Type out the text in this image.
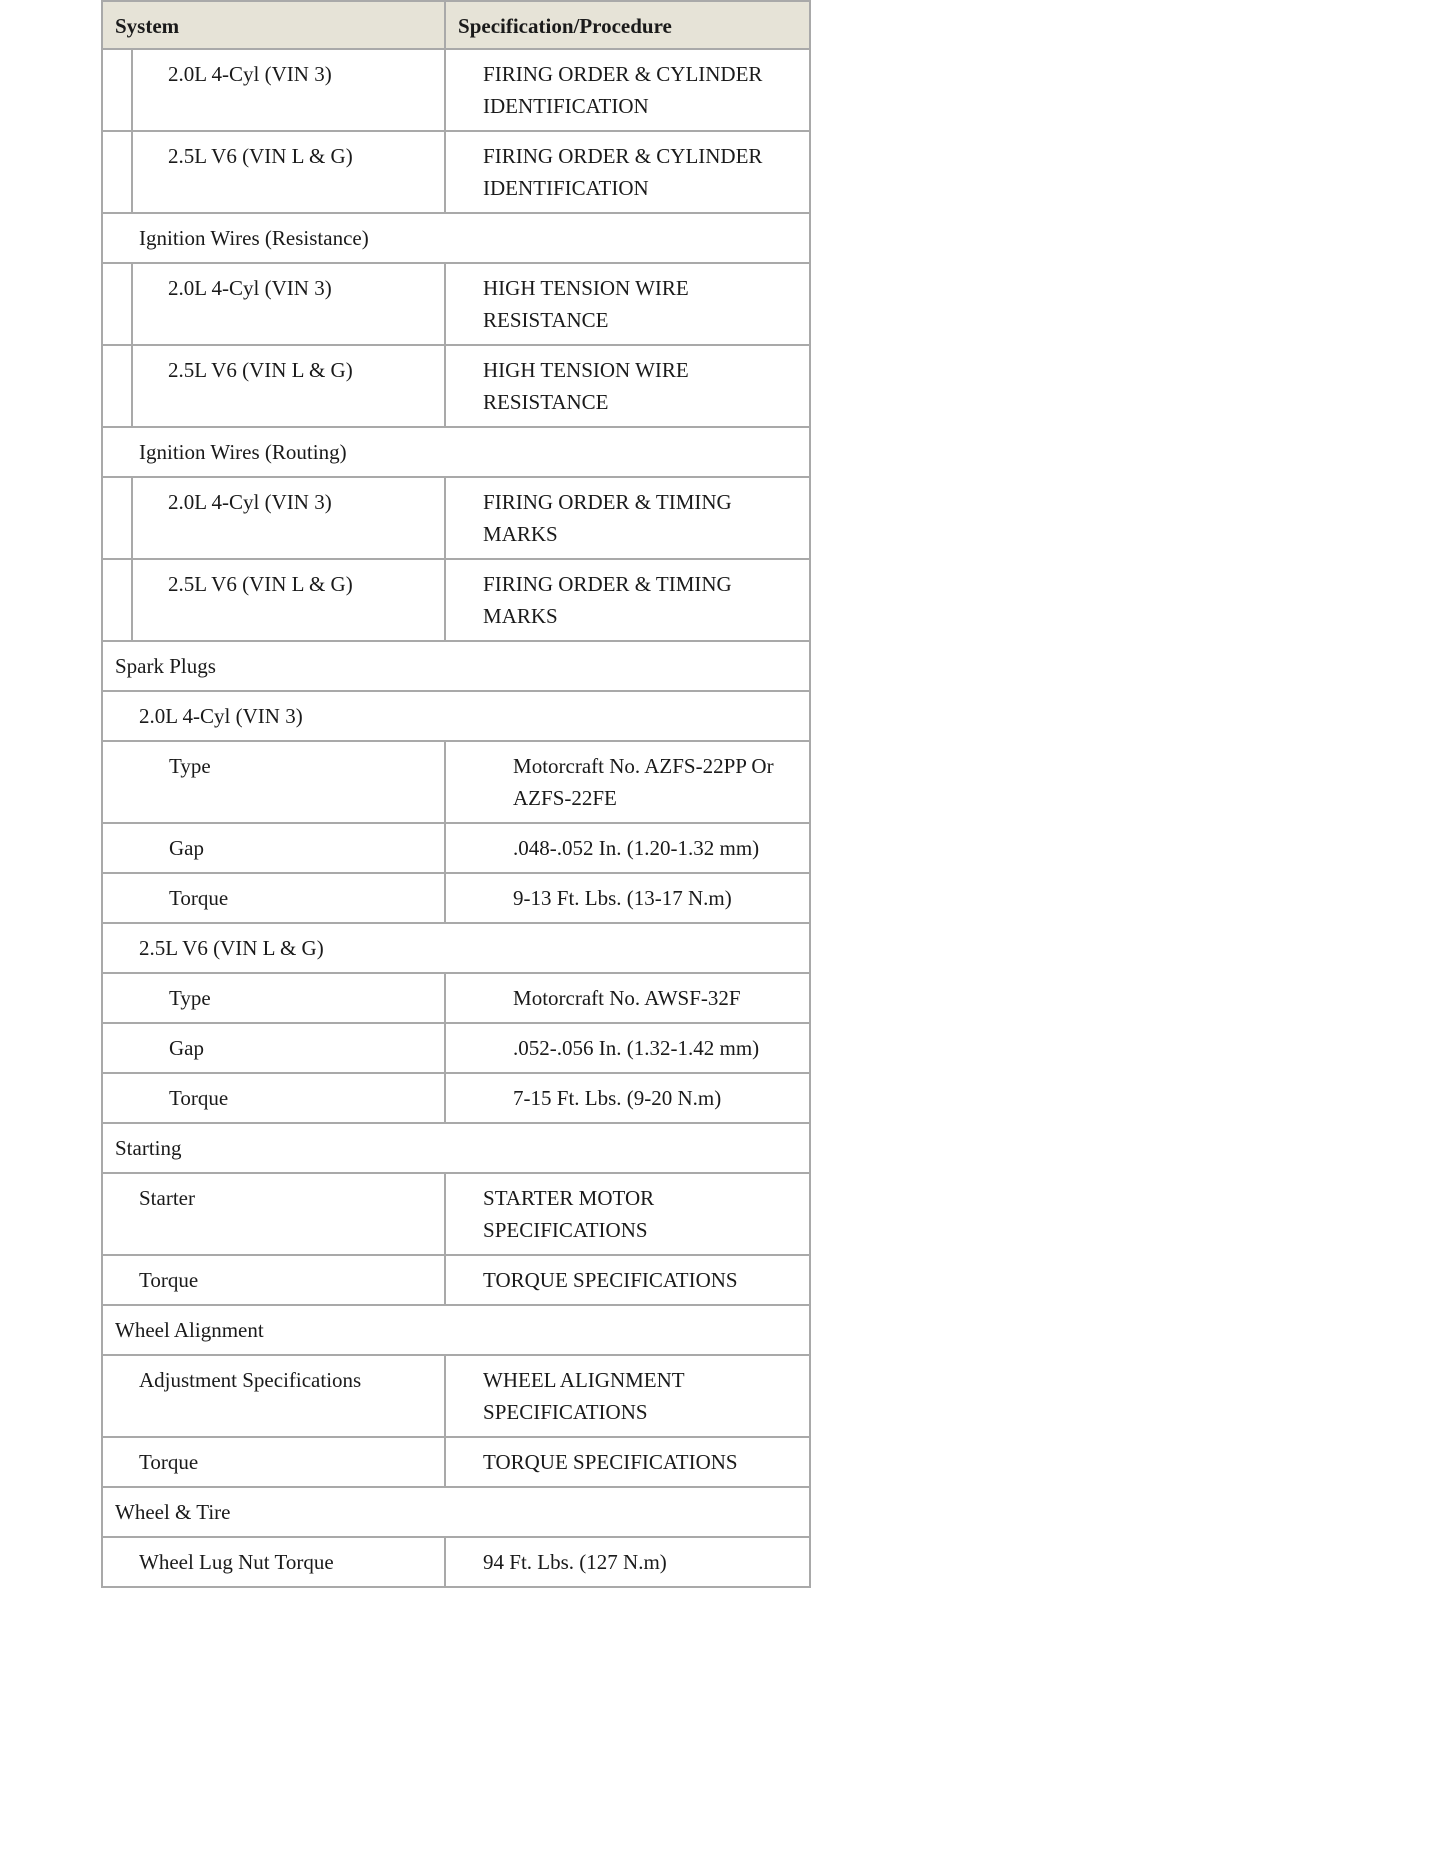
System		Specification/Procedure
	2.0L 4-Cyl (VIN 3)	FIRING ORDER & CYLINDER IDENTIFICATION
	2.5L V6 (VIN L & G)	FIRING ORDER & CYLINDER IDENTIFICATION
Ignition Wires (Resistance)		
	2.0L 4-Cyl (VIN 3)	HIGH TENSION WIRE RESISTANCE
	2.5L V6 (VIN L & G)	HIGH TENSION WIRE RESISTANCE
Ignition Wires (Routing)		
	2.0L 4-Cyl (VIN 3)	FIRING ORDER & TIMING MARKS
	2.5L V6 (VIN L & G)	FIRING ORDER & TIMING MARKS
Spark Plugs		
2.0L 4-Cyl (VIN 3)		
Type		Motorcraft No. AZFS-22PP Or AZFS-22FE
Gap		.048-.052 In. (1.20-1.32 mm)
Torque		9-13 Ft. Lbs. (13-17 N.m)
2.5L V6 (VIN L & G)		
Type		Motorcraft No. AWSF-32F
Gap		.052-.056 In. (1.32-1.42 mm)
Torque		7-15 Ft. Lbs. (9-20 N.m)
Starting		
Starter		STARTER MOTOR SPECIFICATIONS
Torque		TORQUE SPECIFICATIONS
Wheel Alignment		
Adjustment Specifications		WHEEL ALIGNMENT SPECIFICATIONS
Torque		TORQUE SPECIFICATIONS
Wheel & Tire		
Wheel Lug Nut Torque		94 Ft. Lbs. (127 N.m)
